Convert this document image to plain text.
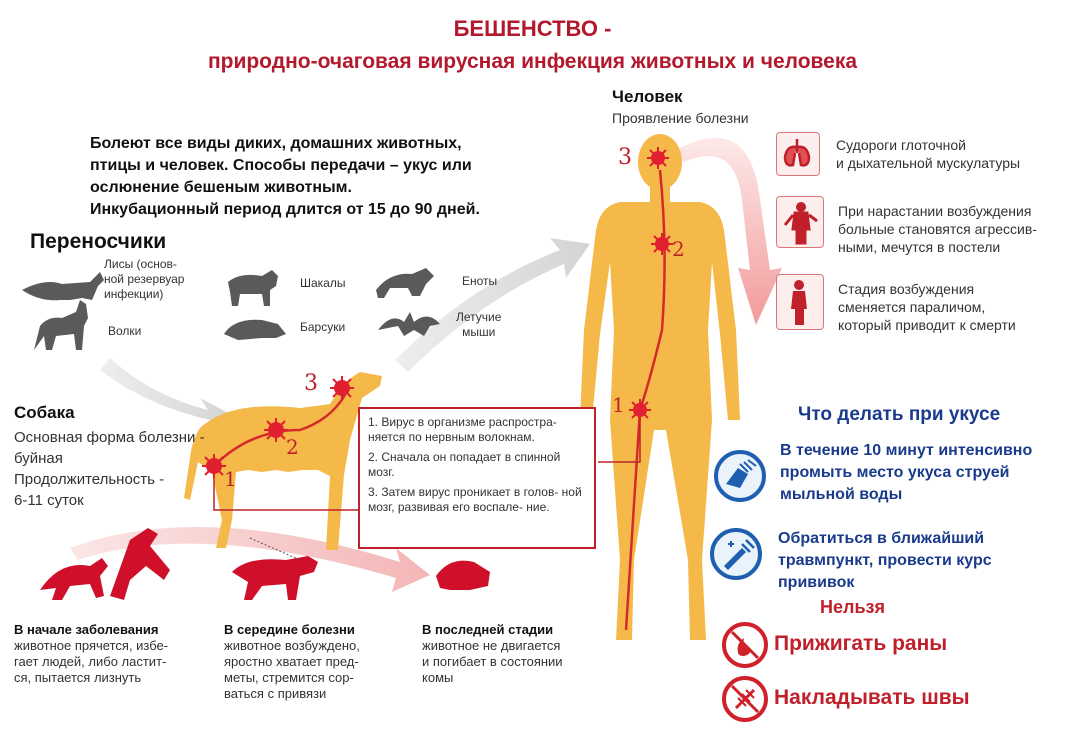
1
2
3
1
2
3
БЕШЕНСТВО -
природно-очаговая вирусная инфекция животных и человека
Болеют все виды диких, домашних животных,
птицы и человек. Способы передачи – укус или
ослюнение бешеным животным.
Инкубационный период длится от 15 до 90 дней.
Переносчики
Лисы (основ-
ной резервуар
инфекции)
Волки
Шакалы
Барсуки
Еноты
Летучие
мыши
Собака
Основная форма болезни -
буйная
Продолжительность -
6-11 суток

1. Вирус в организме распростра- няется по нервным волокнам.

2. Сначала он попадает в спинной мозг.

3. Затем вирус проникает в голов- ной мозг, развивая его воспале- ние.

Человек
Проявление болезни
Судороги глоточной
и дыхательной мускулатуры
При нарастании возбуждения
больные становятся агрессив-
ными, мечутся в постели
Стадия возбуждения
сменяется параличом,
который приводит к смерти
В начале заболевания
животное прячется, избе-
гает людей, либо ластит-
ся, пытается лизнуть
В середине болезни
животное возбуждено,
яростно хватает пред-
меты, стремится сор-
ваться с привязи
В последней стадии
животное не двигается
и погибает в состоянии
комы
Что делать при укусе
В течение 10 минут интенсивно
промыть место укуса струей
мыльной воды
Обратиться в ближайший
травмпункт, провести курс
прививок
Нельзя
Прижигать раны
Накладывать швы
